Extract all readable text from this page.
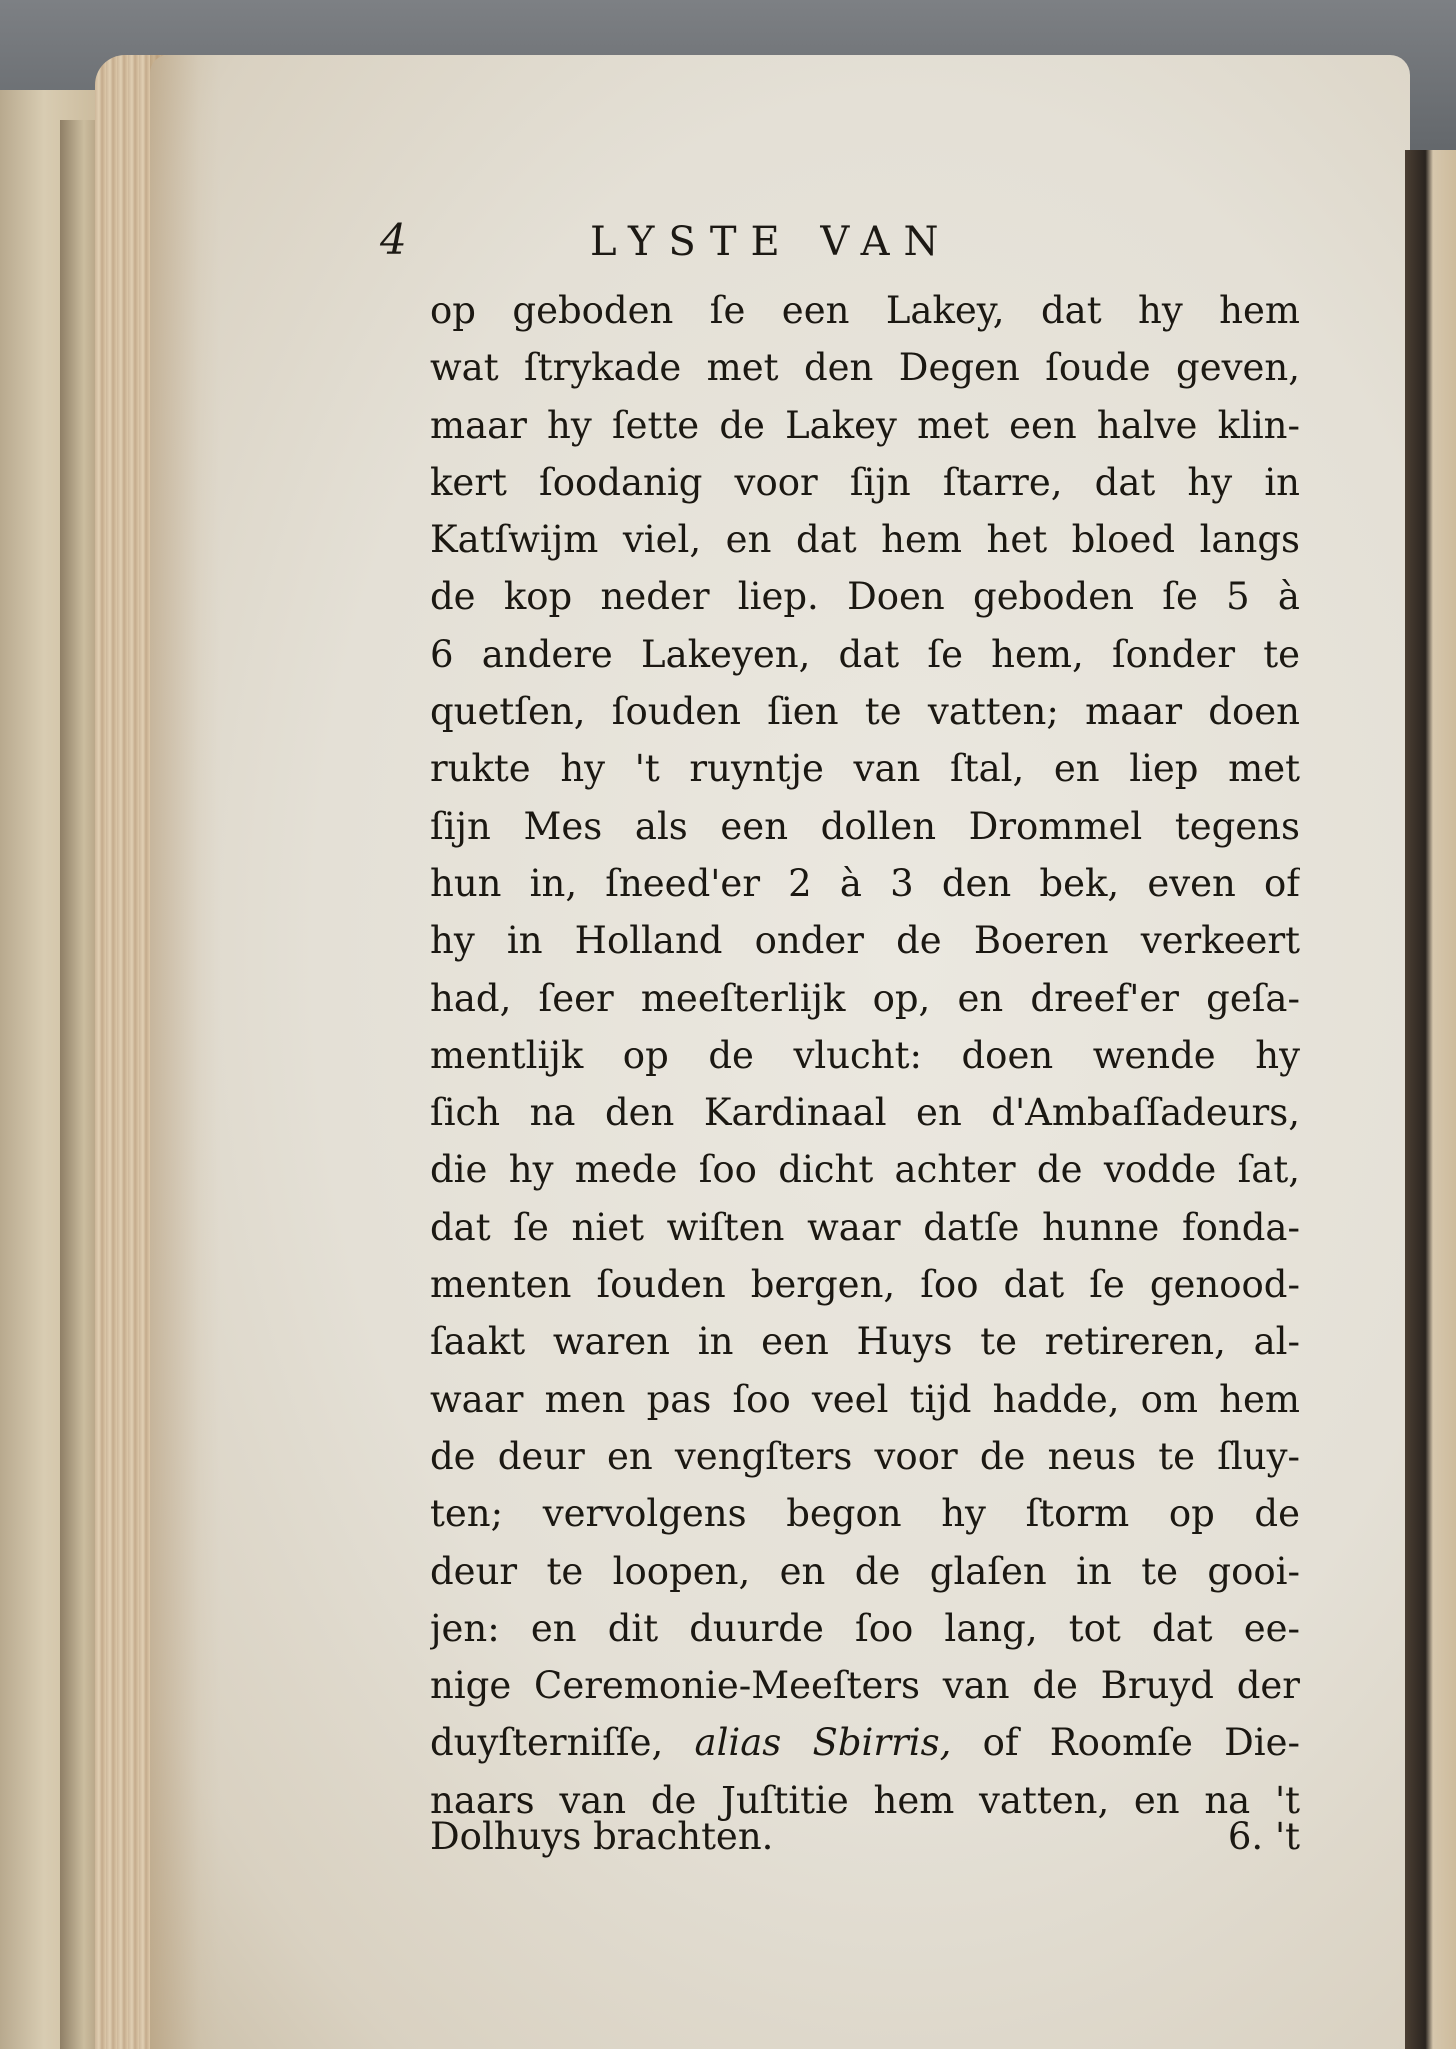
4	LYSTE VAN
op geboden ſe een Lakey, dat hy hem
wat ſtrykade met den Degen ſoude geven,
maar hy ſette de Lakey met een halve klin-
kert ſoodanig voor ſijn ſtarre, dat hy in
Katſwijm viel, en dat hem het bloed langs
de kop neder liep. Doen geboden ſe 5 à
6 andere Lakeyen, dat ſe hem, ſonder te
quetſen, ſouden ſien te vatten; maar doen
rukte hy 't ruyntje van ſtal, en liep met
ſijn Mes als een dollen Drommel tegens
hun in, ſneed'er 2 à 3 den bek, even of
hy in Holland onder de Boeren verkeert
had, ſeer meeſterlijk op, en dreef'er geſa-
mentlijk op de vlucht: doen wende hy
ſich na den Kardinaal en d'Ambaſſadeurs,
die hy mede ſoo dicht achter de vodde ſat,
dat ſe niet wiſten waar datſe hunne fonda-
menten ſouden bergen, ſoo dat ſe genood-
ſaakt waren in een Huys te retireren, al-
waar men pas ſoo veel tijd hadde, om hem
de deur en vengſters voor de neus te ſluy-
ten; vervolgens begon hy ſtorm op de
deur te loopen, en de glaſen in te gooi-
jen: en dit duurde ſoo lang, tot dat ee-
nige Ceremonie-Meeſters van de Bruyd der
duyſterniſſe, alias Sbirris, of Roomſe Die-
naars van de Juſtitie hem vatten, en na 't
Dolhuys brachten.	6. 't
